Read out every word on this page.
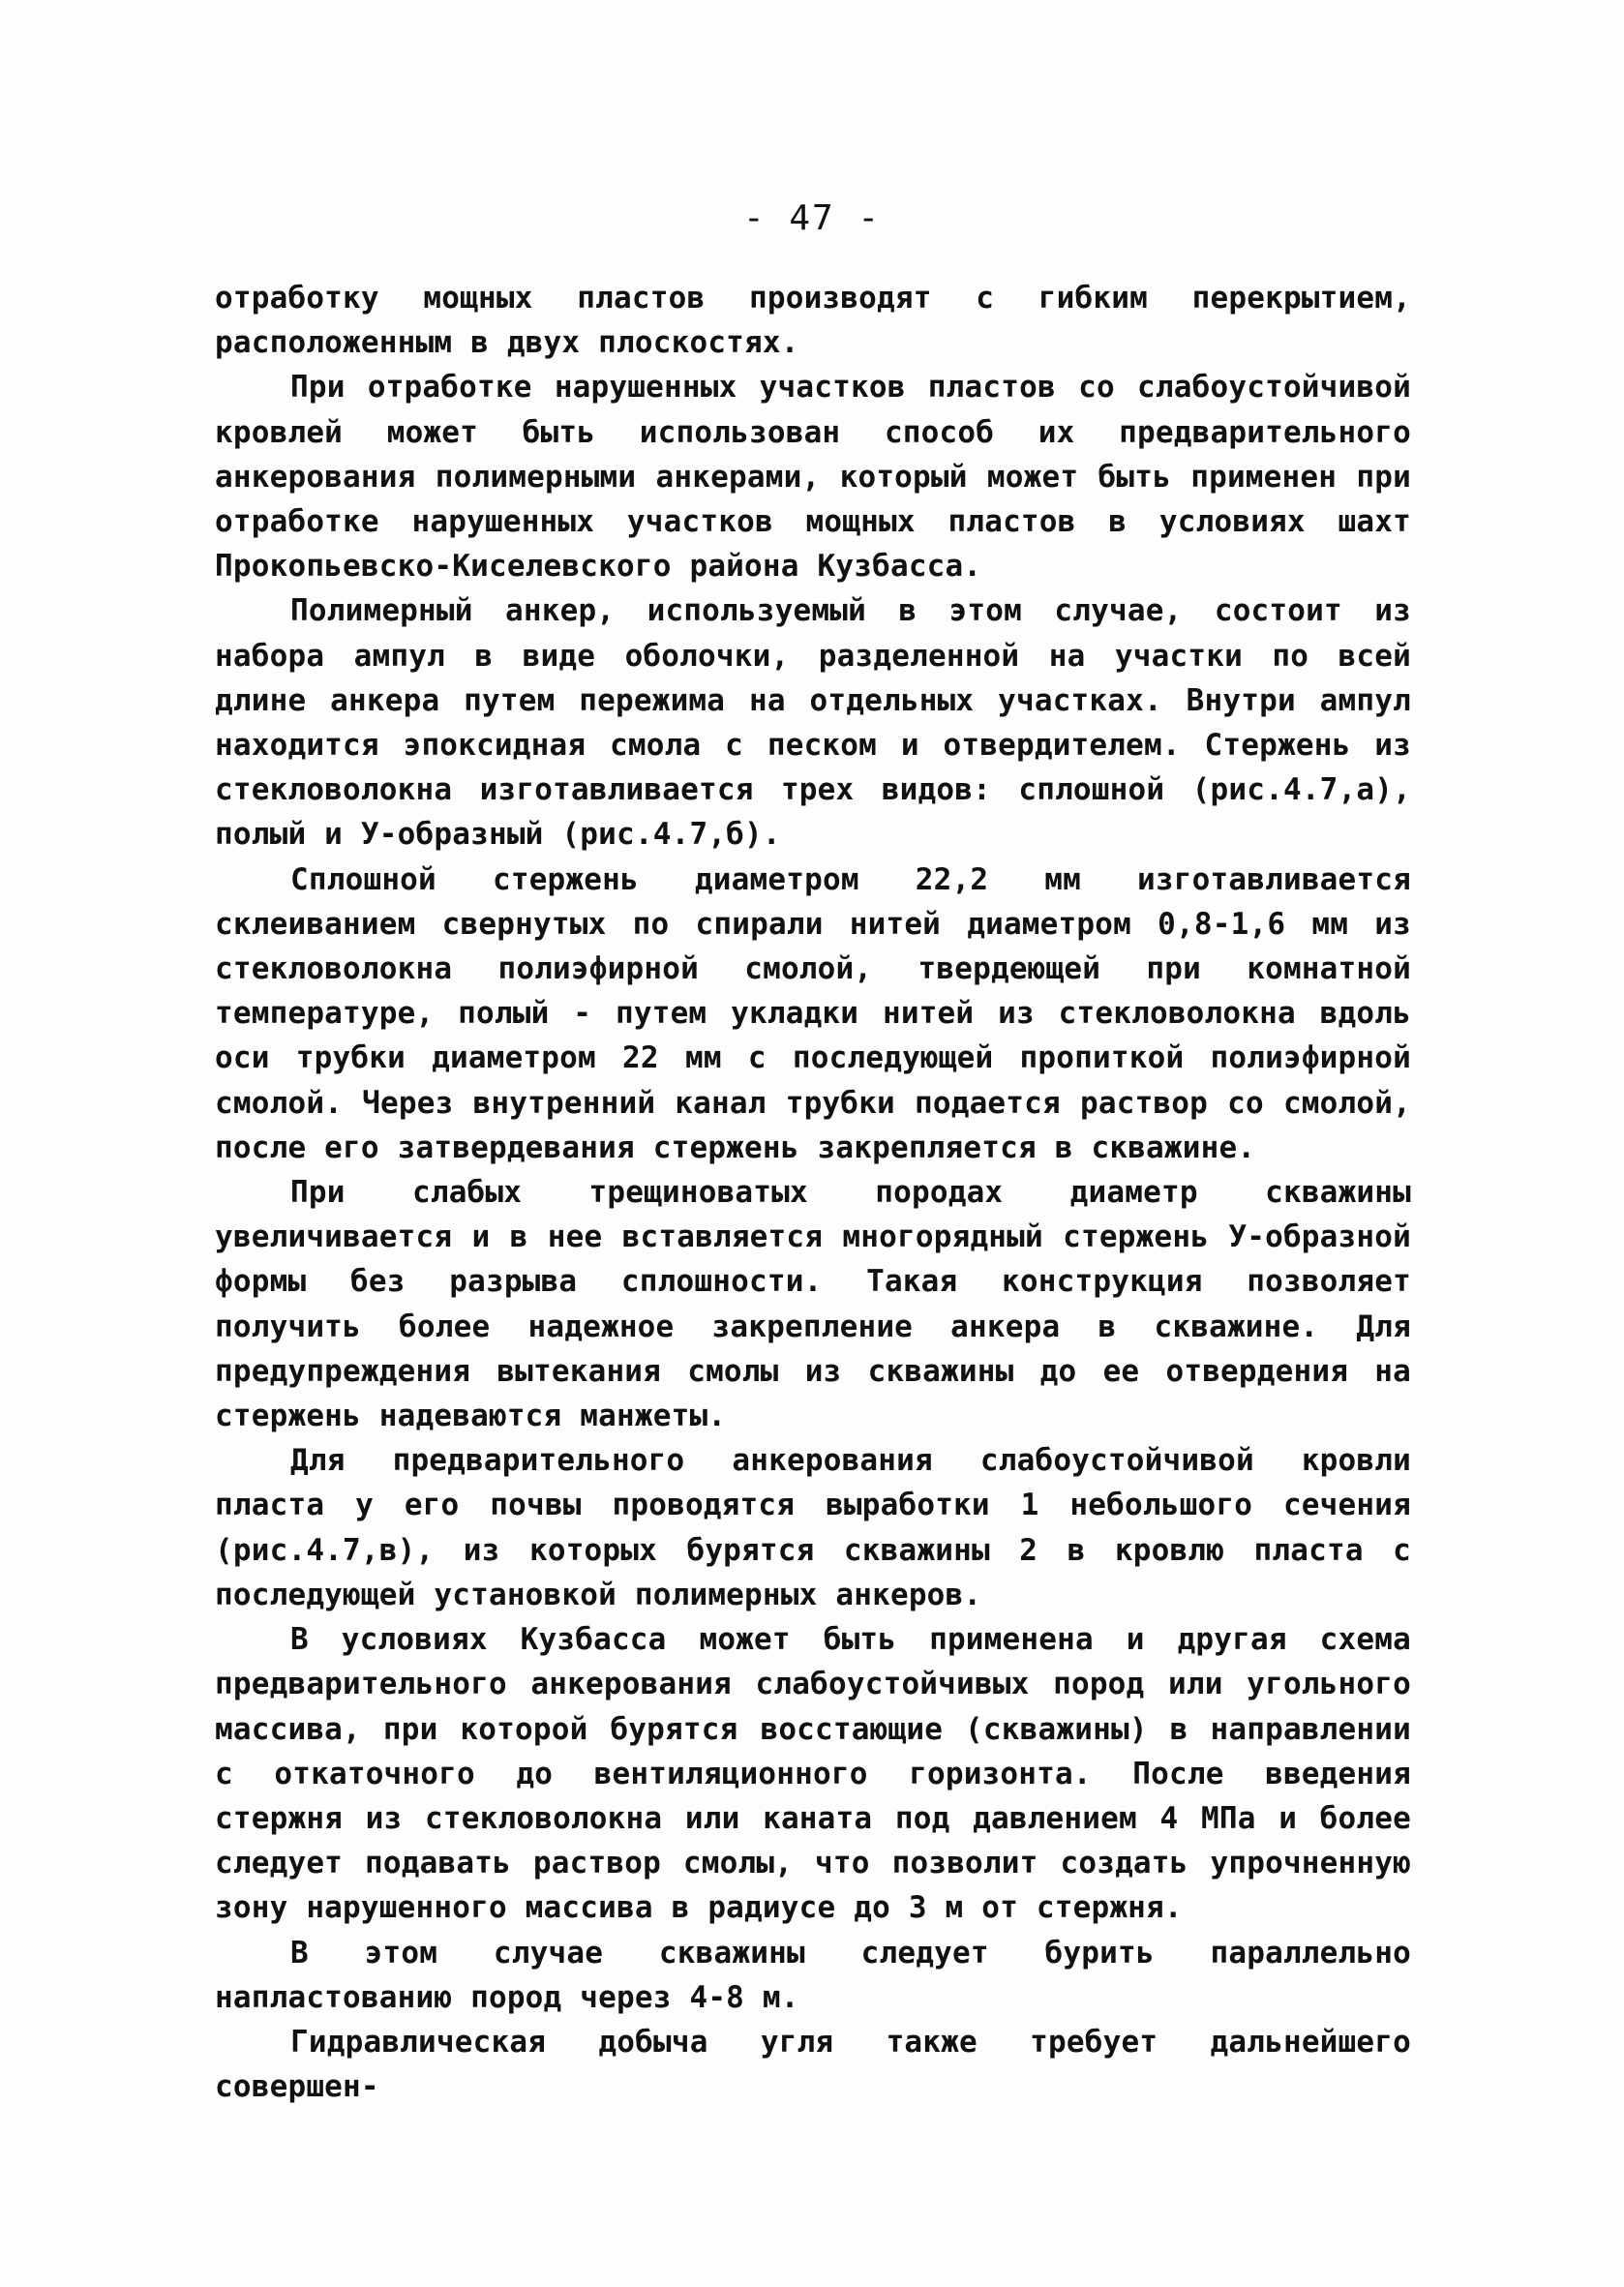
- 47 -

отработку мощных пластов производят с гибким перекрытием, расположенным в двух плоскостях.

При отработке нарушенных участков пластов со слабоустойчивой кровлей может быть использован способ их предварительного анкерования полимерными анкерами, который может быть применен при отработке нарушенных участков мощных пластов в условиях шахт Прокопьевско-Киселевского района Кузбасса.

Полимерный анкер, используемый в этом случае, состоит из набора ампул в виде оболочки, разделенной на участки по всей длине анкера путем пережима на отдельных участках. Внутри ампул находится эпоксидная смола с песком и отвердителем. Стержень из стекловолокна изготавливается трех видов: сплошной (рис.4.7,а), полый и У-образный (рис.4.7,б).

Сплошной стержень диаметром 22,2 мм изготавливается склеиванием свернутых по спирали нитей диаметром 0,8-1,6 мм из стекловолокна полиэфирной смолой, твердеющей при комнатной температуре, полый - путем укладки нитей из стекловолокна вдоль оси трубки диаметром 22 мм с последующей пропиткой полиэфирной смолой. Через внутренний канал трубки подается раствор со смолой, после его затвердевания стержень закрепляется в скважине.

При слабых трещиноватых породах диаметр скважины увеличивается и в нее вставляется многорядный стержень У-образной формы без разрыва сплошности. Такая конструкция позволяет получить более надежное закрепление анкера в скважине. Для предупреждения вытекания смолы из скважины до ее отвердения на стержень надеваются манжеты.

Для предварительного анкерования слабоустойчивой кровли пласта у его почвы проводятся выработки 1 небольшого сечения (рис.4.7,в), из которых бурятся скважины 2 в кровлю пласта с последующей установкой полимерных анкеров.

В условиях Кузбасса может быть применена и другая схема предварительного анкерования слабоустойчивых пород или угольного массива, при которой бурятся восстающие (скважины) в направлении с откаточного до вентиляционного горизонта. После введения стержня из стекловолокна или каната под давлением 4 МПа и более следует подавать раствор смолы, что позволит создать упрочненную зону нарушенного массива в радиусе до 3 м от стержня.

В этом случае скважины следует бурить параллельно напластованию пород через 4-8 м.

Гидравлическая добыча угля также требует дальнейшего совершен-
